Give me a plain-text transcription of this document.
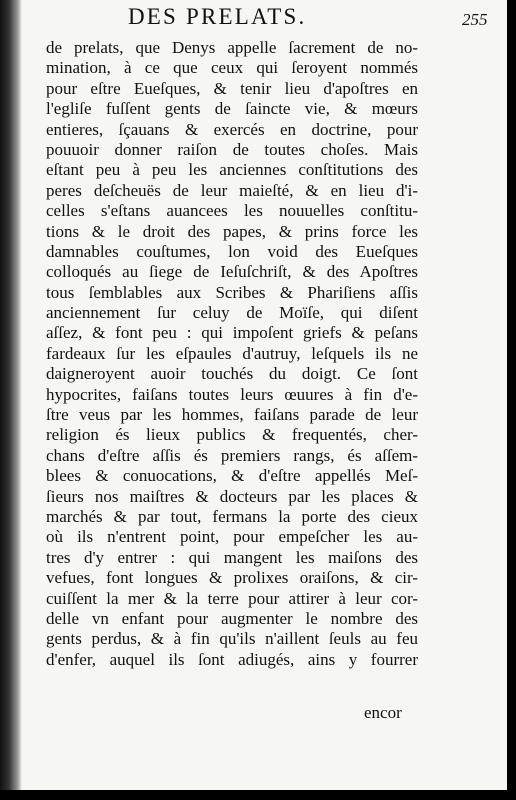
DES PRELATS.	255
de prelats, que Denys appelle ſacrement de no-
mination, à ce que ceux qui ſeroyent nommés
pour eſtre Eueſques, & tenir lieu d'apoſtres en
l'egliſe fuſſent gents de ſaincte vie, & mœurs
entieres, ſçauans & exercés en doctrine, pour
pouuoir donner raiſon de toutes choſes. Mais
eſtant peu à peu les anciennes conſtitutions des
peres deſcheuës de leur maieſté, & en lieu d'i-
celles s'eſtans auancees les nouuelles conſtitu-
tions & le droit des papes, & prins force les
damnables couſtumes, lon void des Eueſques
colloqués au ſiege de Ieſuſchriſt, & des Apoſtres
tous ſemblables aux Scribes & Phariſiens aſſis
anciennement ſur celuy de Moïſe, qui diſent
aſſez, & font peu : qui impoſent griefs & peſans
fardeaux ſur les eſpaules d'autruy, leſquels ils ne
daigneroyent auoir touchés du doigt. Ce ſont
hypocrites, faiſans toutes leurs œuures à fin d'e-
ſtre veus par les hommes, faiſans parade de leur
religion és lieux publics & frequentés, cher-
chans d'eſtre aſſis és premiers rangs, és aſſem-
blees & conuocations, & d'eſtre appellés Meſ-
ſieurs nos maiſtres & docteurs par les places &
marchés & par tout, fermans la porte des cieux
où ils n'entrent point, pour empeſcher les au-
tres d'y entrer : qui mangent les maiſons des
vefues, font longues & prolixes oraiſons, & cir-
cuiſſent la mer & la terre pour attirer à leur cor-
delle vn enfant pour augmenter le nombre des
gents perdus, & à fin qu'ils n'aillent ſeuls au feu
d'enfer, auquel ils ſont adiugés, ains y fourrer
encor
